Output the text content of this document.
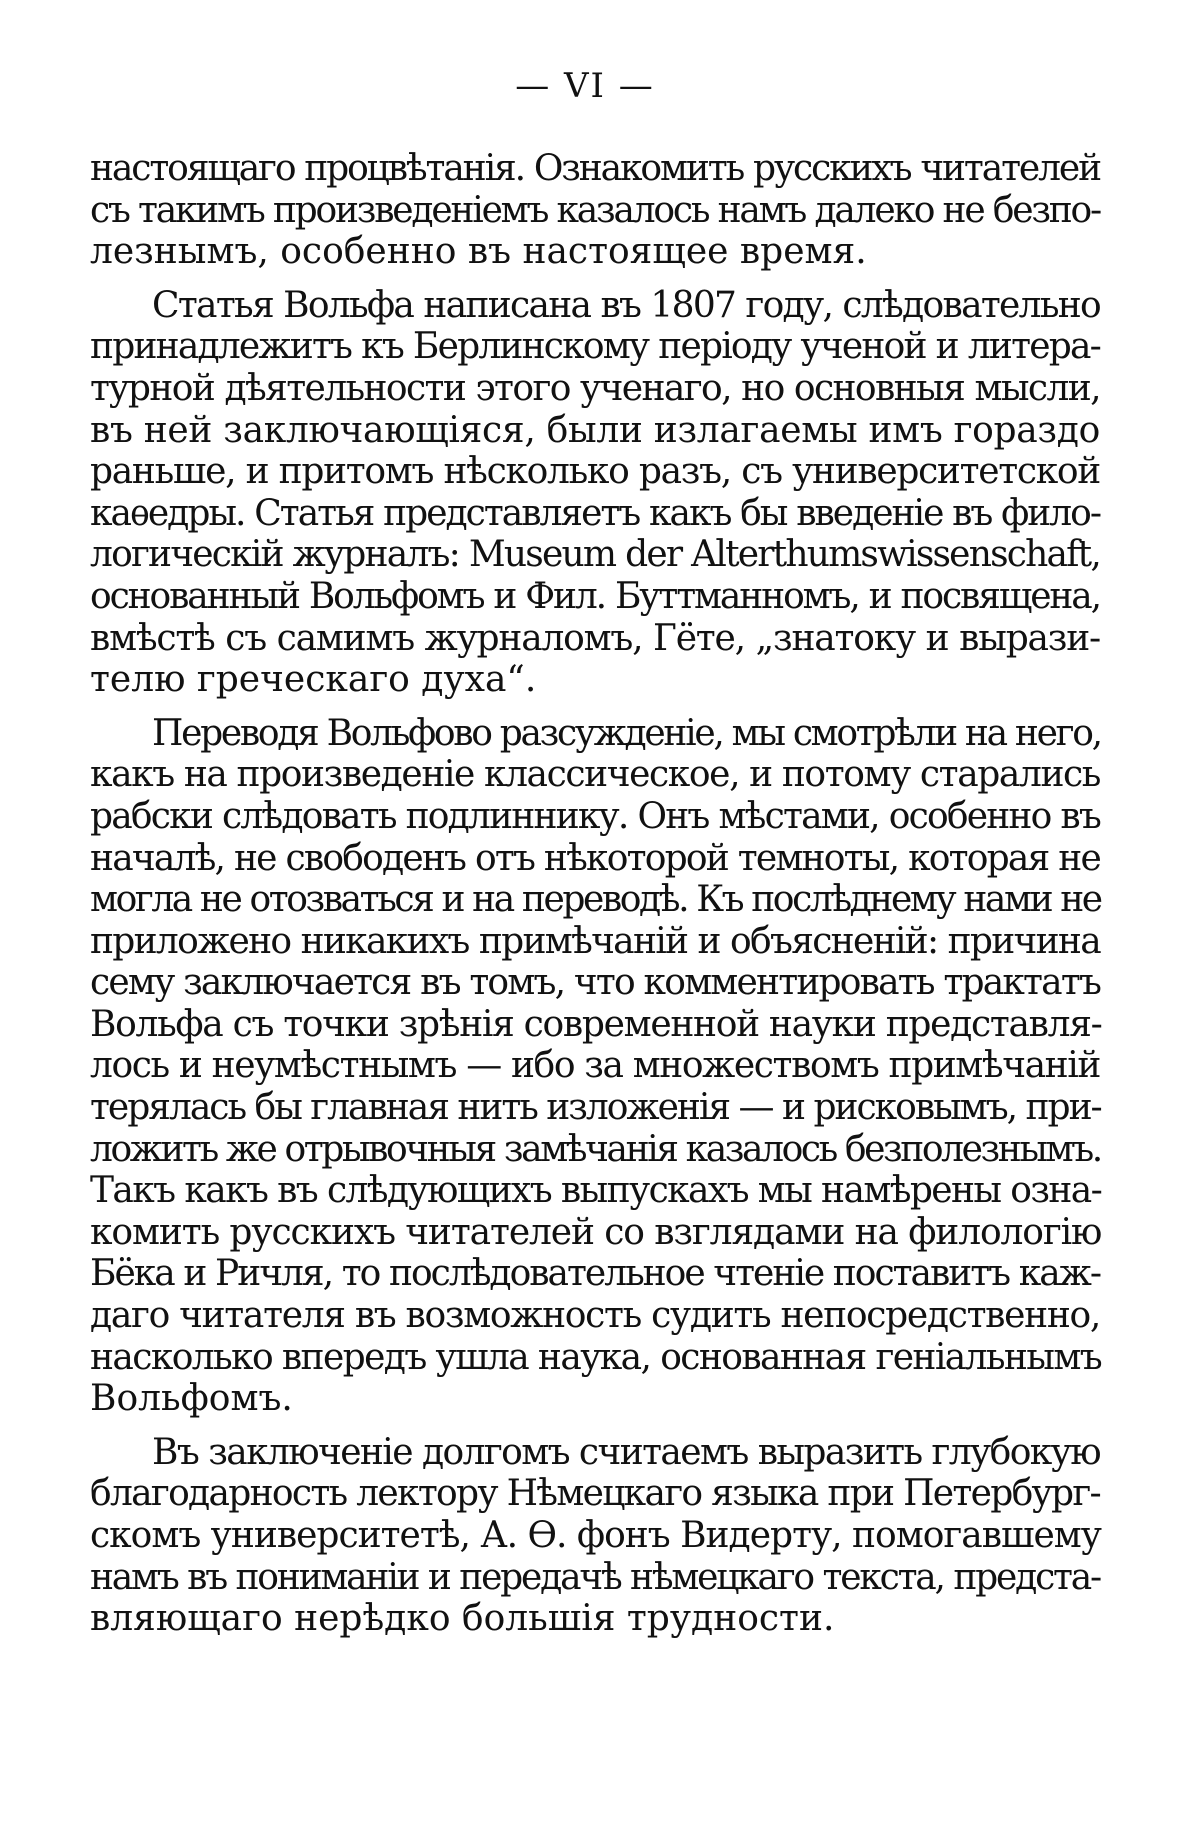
— VI —

настоящаго процвѣтанія. Ознакомить русскихъ читателей
съ такимъ произведеніемъ казалось намъ далеко не безпо-
лезнымъ, особенно въ настоящее время.

Статья Вольфа написана въ 1807 году, слѣдовательно
принадлежитъ къ Берлинскому періоду ученой и литера-
турной дѣятельности этого ученаго, но основныя мысли,
въ ней заключающіяся, были излагаемы имъ гораздо
раньше, и притомъ нѣсколько разъ, съ университетской
каѳедры. Статья представляетъ какъ бы введеніе въ фило-
логическій журналъ: Museum der Alterthumswissenschaft,
основанный Вольфомъ и Фил. Буттманномъ, и посвящена,
вмѣстѣ съ самимъ журналомъ, Гёте, „знатоку и вырази-
телю греческаго духа“.

Переводя Вольфово разсужденіе, мы смотрѣли на него,
какъ на произведеніе классическое, и потому старались
рабски слѣдовать подлиннику. Онъ мѣстами, особенно въ
началѣ, не свободенъ отъ нѣкоторой темноты, которая не
могла не отозваться и на переводѣ. Къ послѣднему нами не
приложено никакихъ примѣчаній и объясненій: причина
сему заключается въ томъ, что комментировать трактатъ
Вольфа съ точки зрѣнія современной науки представля-
лось и неумѣстнымъ — ибо за множествомъ примѣчаній
терялась бы главная нить изложенія — и рисковымъ, при-
ложить же отрывочныя замѣчанія казалось безполезнымъ.
Такъ какъ въ слѣдующихъ выпускахъ мы намѣрены озна-
комить русскихъ читателей со взглядами на филологію
Бёка и Ричля, то послѣдовательное чтеніе поставитъ каж-
даго читателя въ возможность судить непосредственно,
насколько впередъ ушла наука, основанная геніальнымъ
Вольфомъ.

Въ заключеніе долгомъ считаемъ выразить глубокую
благодарность лектору Нѣмецкаго языка при Петербург-
скомъ университетѣ, А. Ѳ. фонъ Видерту, помогавшему
намъ въ пониманіи и передачѣ нѣмецкаго текста, предста-
вляющаго нерѣдко большія трудности.
